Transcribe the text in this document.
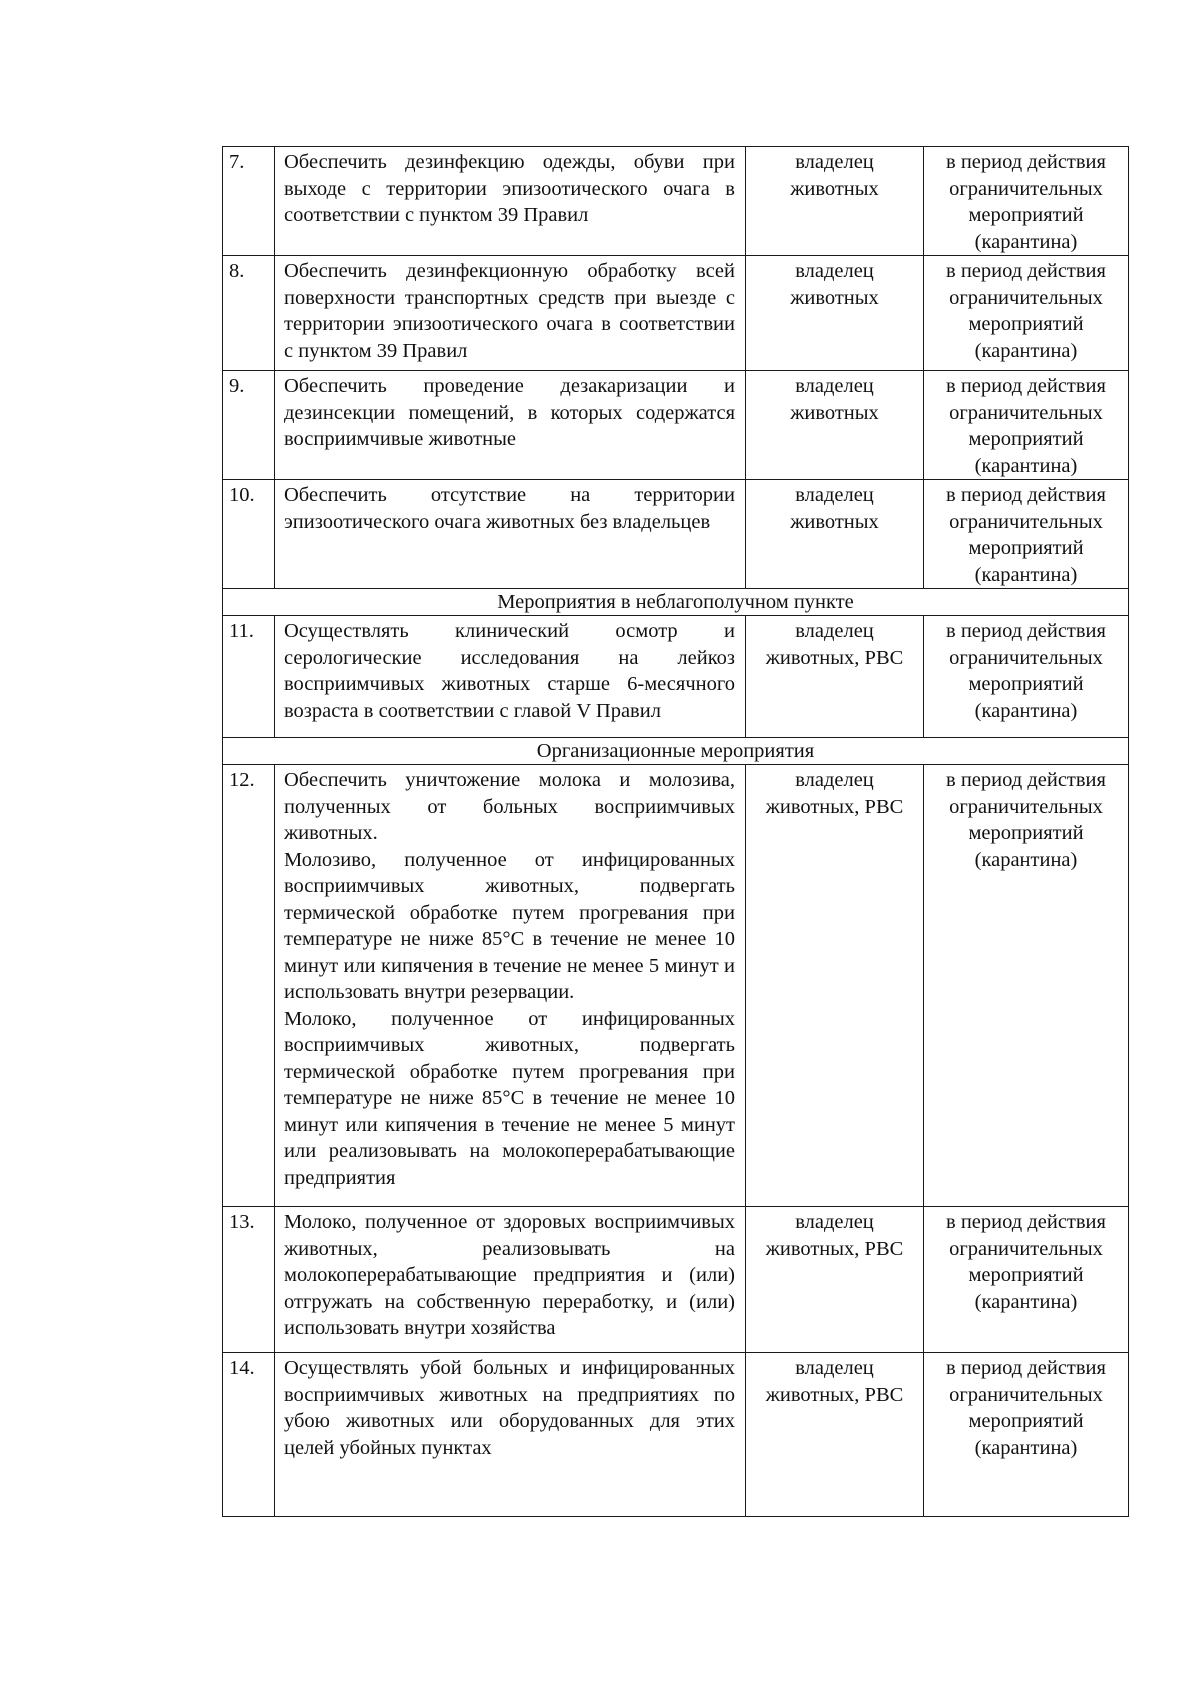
7.	Обеспечить дезинфекцию одежды, обуви при выходе с территории эпизоотического очага в соответствии с пунктом 39 Правил	владелец животных	в период действия ограничительных мероприятий (карантина)
8.	Обеспечить дезинфекционную обработку всей поверхности транспортных средств при выезде с территории эпизоотического очага в соответствии с пунктом 39 Правил	владелец животных	в период действия ограничительных мероприятий (карантина)
9.	Обеспечить проведение дезакаризации и дезинсекции помещений, в которых содержатся восприимчивые животные	владелец животных	в период действия ограничительных мероприятий (карантина)
10.	Обеспечить отсутствие на территории эпизоотического очага животных без владельцев	владелец животных	в период действия ограничительных мероприятий (карантина)
Мероприятия в неблагополучном пункте			
11.	Осуществлять клинический осмотр и серологические исследования на лейкоз восприимчивых животных старше 6-месячного возраста в соответствии с главой V Правил	владелец животных, РВС	в период действия ограничительных мероприятий (карантина)
Организационные мероприятия			
12.	Обеспечить уничтожение молока и молозива, полученных от больных восприимчивых животных.
Молозиво, полученное от инфицированных восприимчивых животных, подвергать термической обработке путем прогревания при температуре не ниже 85°С в течение не менее 10 минут или кипячения в течение не менее 5 минут и использовать внутри резервации.
Молоко, полученное от инфицированных восприимчивых животных, подвергать термической обработке путем прогревания при температуре не ниже 85°С в течение не менее 10 минут или кипячения в течение не менее 5 минут или реализовывать на молокоперерабатывающие предприятия	владелец животных, РВС	в период действия ограничительных мероприятий (карантина)
13.	Молоко, полученное от здоровых восприимчивых животных, реализовывать на молокоперерабатывающие предприятия и (или) отгружать на собственную переработку, и (или) использовать внутри хозяйства	владелец животных, РВС	в период действия ограничительных мероприятий (карантина)
14.	Осуществлять убой больных и инфицированных восприимчивых животных на предприятиях по убою животных или оборудованных для этих целей убойных пунктах	владелец животных, РВС	в период действия ограничительных мероприятий (карантина)
